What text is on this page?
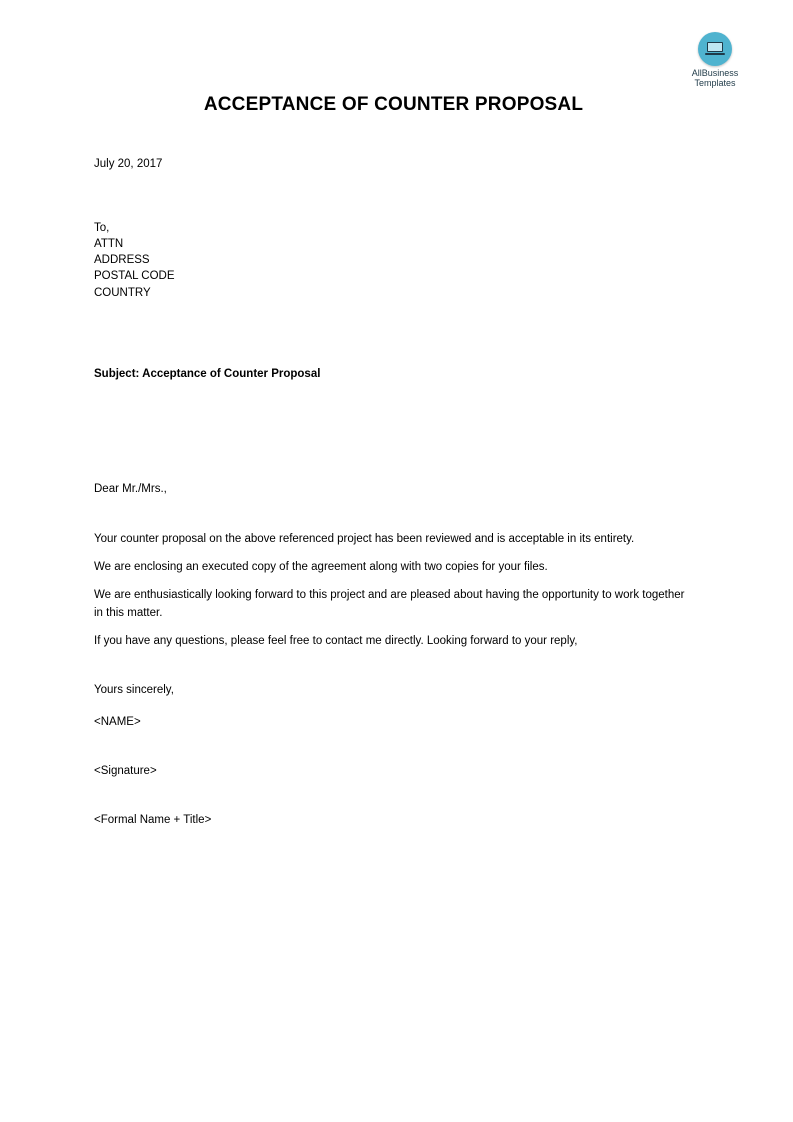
AllBusiness
Templates
ACCEPTANCE OF COUNTER PROPOSAL
July 20, 2017
To,
ATTN
ADDRESS
POSTAL CODE
COUNTRY
Subject: Acceptance of Counter Proposal
Dear Mr./Mrs.,
Your counter proposal on the above referenced project has been reviewed and is acceptable in its entirety.
We are enclosing an executed copy of the agreement along with two copies for your files.
We are enthusiastically looking forward to this project and are pleased about having the opportunity to work together in this matter.
If you have any questions, please feel free to contact me directly. Looking forward to your reply,
Yours sincerely,
<NAME>
<Signature>
<Formal Name + Title>
